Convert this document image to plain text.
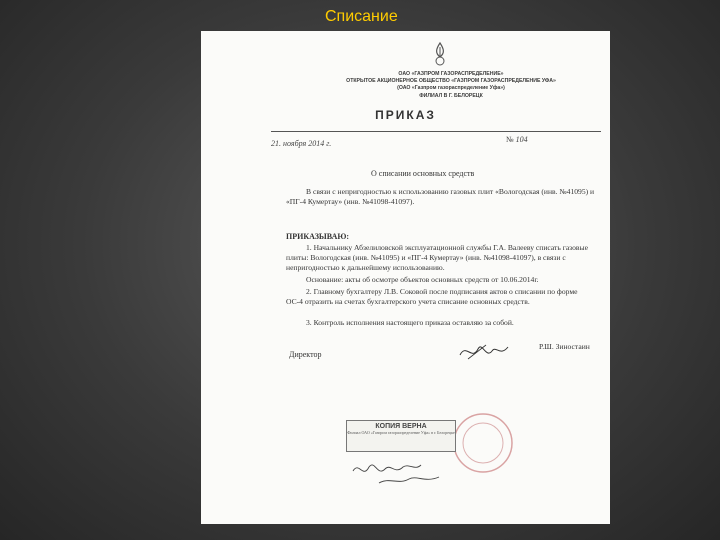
Списание
ОАО «ГАЗПРОМ ГАЗОРАСПРЕДЕЛЕНИЕ»
ОТКРЫТОЕ АКЦИОНЕРНОЕ ОБЩЕСТВО «ГАЗПРОМ ГАЗОРАСПРЕДЕЛЕНИЕ УФА»
(ОАО «Газпром газораспределение Уфа»)
ФИЛИАЛ В Г. БЕЛОРЕЦК
ПРИКАЗ
21. ноября 2014 г.	№ 104
О списании основных средств
В связи с непригодностью к использованию газовых плит «Вологодская (инв. №41095) и «ПГ-4 Кумертау» (инв. №41098-41097).
ПРИКАЗЫВАЮ:
1. Начальнику Абзелиловской эксплуатационной службы Г.А. Валееву списать газовые плиты: Вологодская (инв. №41095) и «ПГ-4 Кумертау» (инв. №41098-41097), в связи с непригодностью к дальнейшему использованию.
Основание: акты об осмотре объектов основных средств от 10.06.2014г.
2. Главному бухгалтеру Л.В. Соковой после подписания актов о списании по форме ОС-4 отразить на счетах бухгалтерского учета списание основных средств.
3. Контроль исполнения настоящего приказа оставляю за собой.
Директор
Р.Ш. Зиностаин
КОПИЯ ВЕРНА
Филиал ОАО «Газпром газораспределение Уфа» в г. Белорецке
